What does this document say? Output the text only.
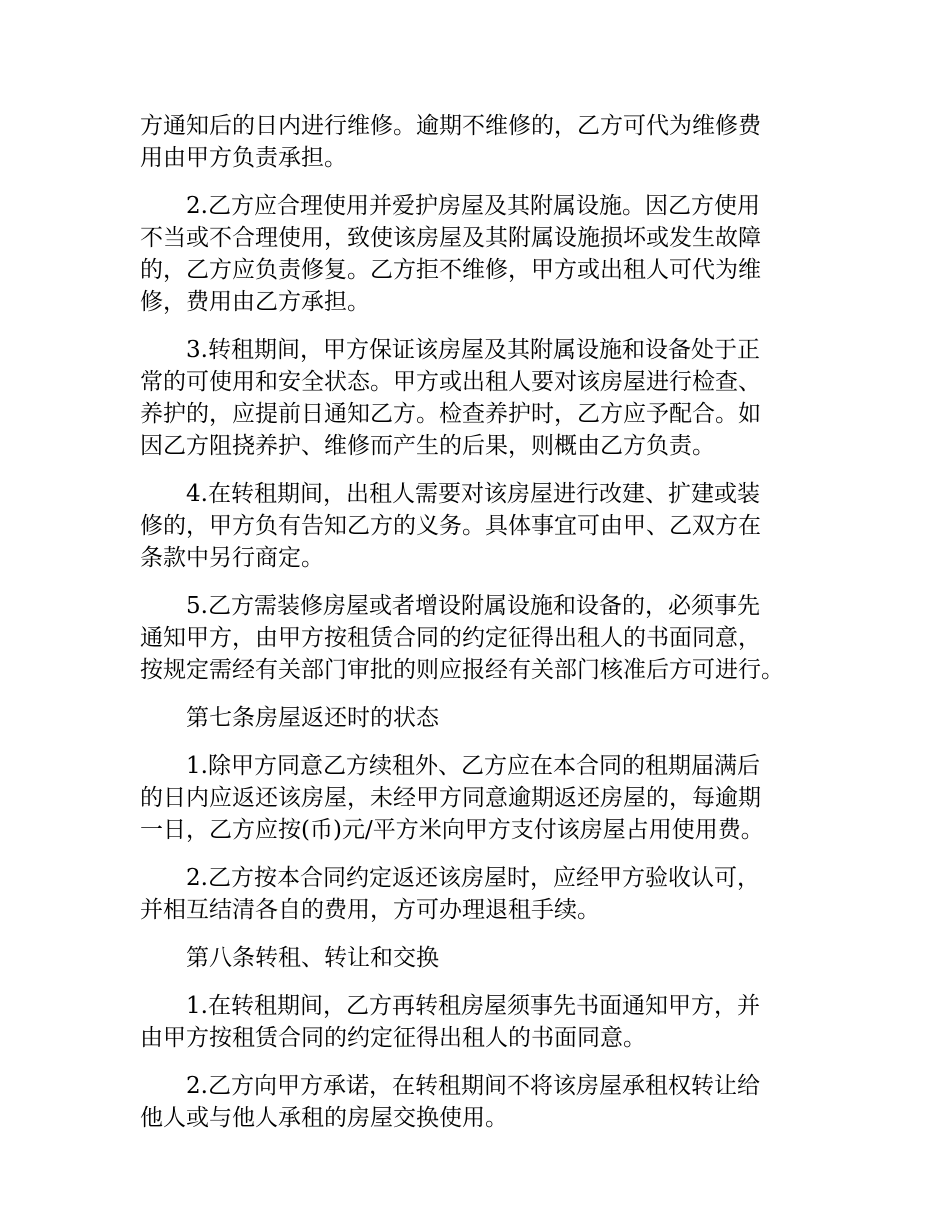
方通知后的日内进行维修。逾期不维修的，乙方可代为维修费
用由甲方负责承担。
2.乙方应合理使用并爱护房屋及其附属设施。因乙方使用
不当或不合理使用，致使该房屋及其附属设施损坏或发生故障
的，乙方应负责修复。乙方拒不维修，甲方或出租人可代为维
修，费用由乙方承担。
3.转租期间，甲方保证该房屋及其附属设施和设备处于正
常的可使用和安全状态。甲方或出租人要对该房屋进行检查、
养护的，应提前日通知乙方。检查养护时，乙方应予配合。如
因乙方阻挠养护、维修而产生的后果，则概由乙方负责。
4.在转租期间，出租人需要对该房屋进行改建、扩建或装
修的，甲方负有告知乙方的义务。具体事宜可由甲、乙双方在
条款中另行商定。
5.乙方需装修房屋或者增设附属设施和设备的，必须事先
通知甲方，由甲方按租赁合同的约定征得出租人的书面同意，
按规定需经有关部门审批的则应报经有关部门核准后方可进行。
第七条房屋返还时的状态
1.除甲方同意乙方续租外、乙方应在本合同的租期届满后
的日内应返还该房屋，未经甲方同意逾期返还房屋的，每逾期
一日，乙方应按(币)元/平方米向甲方支付该房屋占用使用费。
2.乙方按本合同约定返还该房屋时，应经甲方验收认可，
并相互结清各自的费用，方可办理退租手续。
第八条转租、转让和交换
1.在转租期间，乙方再转租房屋须事先书面通知甲方，并
由甲方按租赁合同的约定征得出租人的书面同意。
2.乙方向甲方承诺，在转租期间不将该房屋承租权转让给
他人或与他人承租的房屋交换使用。
